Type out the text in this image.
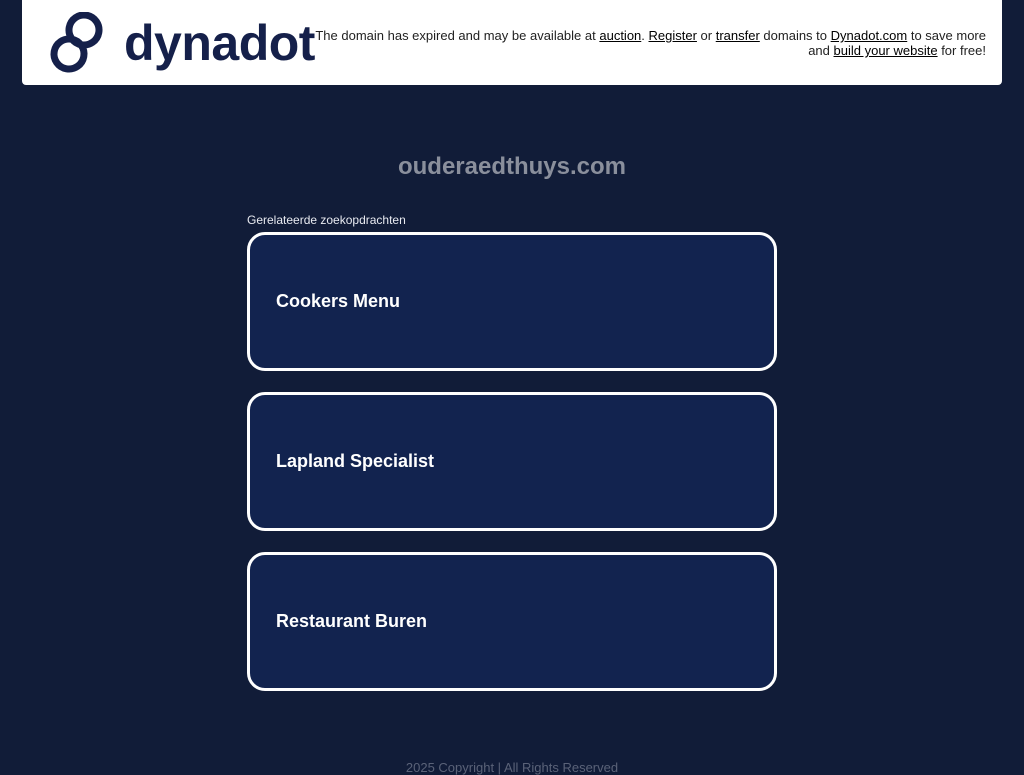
dynadot The domain has expired and may be available at auction. Register or transfer domains to Dynadot.com to save more and build your website for free!
ouderaedthuys.com
Gerelateerde zoekopdrachten
Cookers Menu
Lapland Specialist
Restaurant Buren
2025 Copyright | All Rights Reserved
